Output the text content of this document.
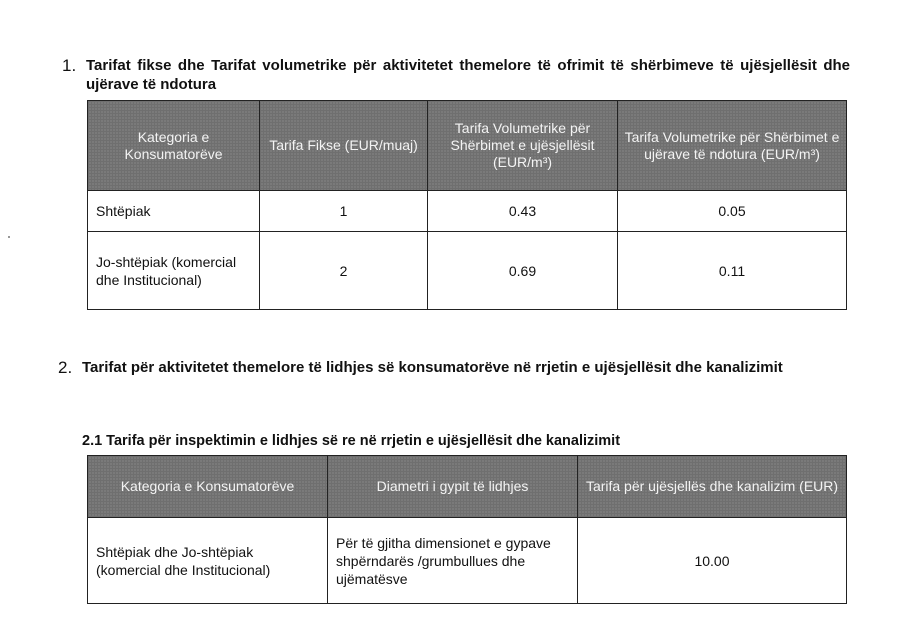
1. Tarifat fikse dhe Tarifat volumetrike për aktivitetet themelore të ofrimit të shërbimeve të ujësjellësit dhe ujërave të ndotura
Kategoria e Konsumatorëve	Tarifa Fikse (EUR/muaj)	Tarifa Volumetrike për Shërbimet e ujësjellësit (EUR/m³)	Tarifa Volumetrike për Shërbimet e ujërave të ndotura (EUR/m³)
Shtëpiak	1	0.43	0.05
Jo-shtëpiak (komercial dhe Institucional)	2	0.69	0.11
2. Tarifat për aktivitetet themelore të lidhjes së konsumatorëve në rrjetin e ujësjellësit dhe kanalizimit
2.1 Tarifa për inspektimin e lidhjes së re në rrjetin e ujësjellësit dhe kanalizimit
Kategoria e Konsumatorëve	Diametri i gypit të lidhjes	Tarifa për ujësjellës dhe kanalizim (EUR)
Shtëpiak dhe Jo-shtëpiak (komercial dhe Institucional)	Për të gjitha dimensionet e gypave shpërndarës /grumbullues dhe ujëmatësve	10.00
